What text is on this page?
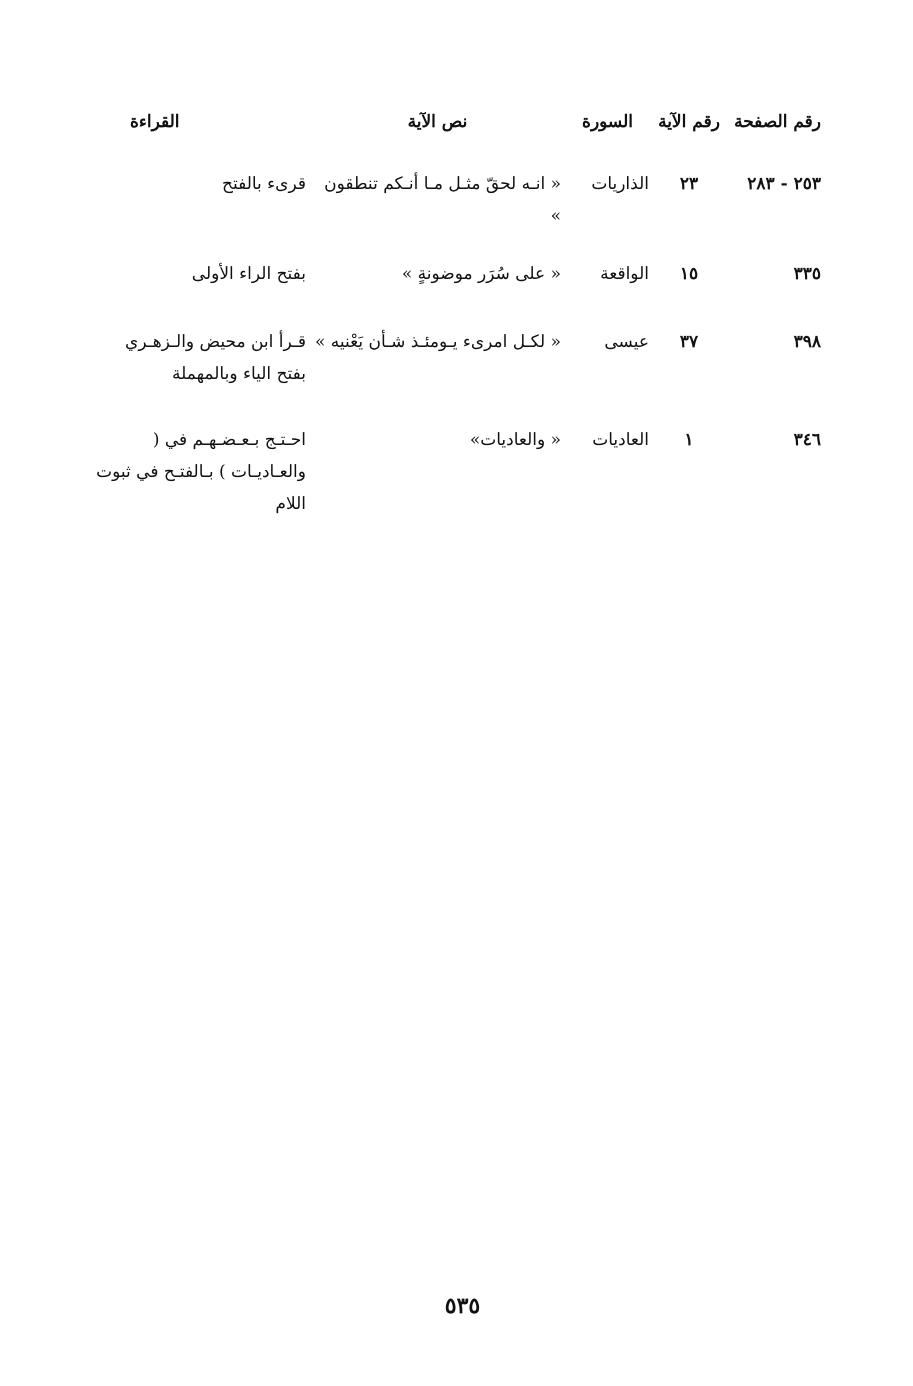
رقم الصفحة
رقم الآية
السورة
نص الآية
القراءة
٢٥٣ - ٢٨٣
٢٣
الذاريات
« انـه لحقّ مثـل مـا أنـكم تنطقون »
قرىء بالفتح
٣٣٥
١٥
الواقعة
« على سُرَر موضونةٍ »
بفتح الراء الأولى
٣٩٨
٣٧
عيسى
« لكـل امرىء يـومئـذ شـأن يَعْنيه »
قـرأ ابن محيض والـزهـري بفتح الياء وبالمهملة
٣٤٦
١
العاديات
« والعاديات»
احـتـج بـعـضـهـم في ( والعـاديـات ) بـالفتـح في ثبوت اللام
٥٣٥
